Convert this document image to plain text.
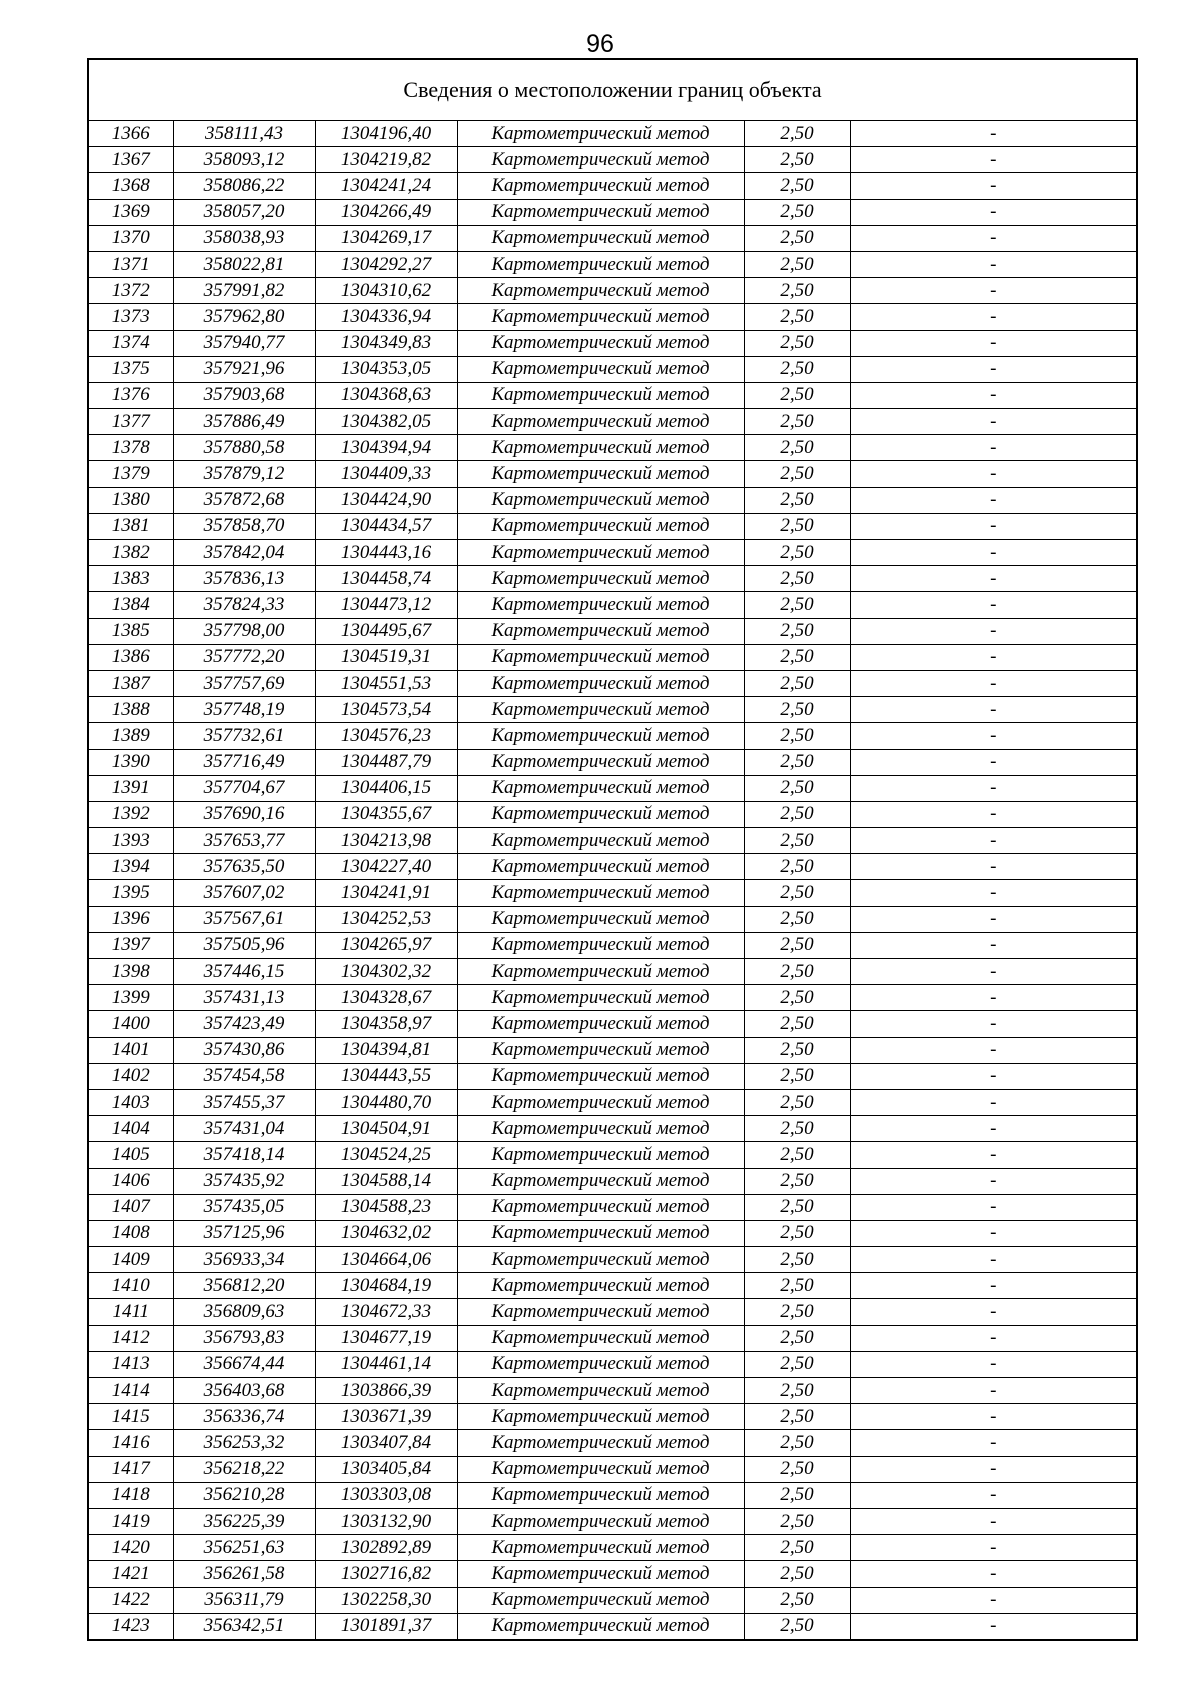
96
Сведения о местоположении границ объекта
1366	358111,43	1304196,40	Картометрический метод	2,50	-
1367	358093,12	1304219,82	Картометрический метод	2,50	-
1368	358086,22	1304241,24	Картометрический метод	2,50	-
1369	358057,20	1304266,49	Картометрический метод	2,50	-
1370	358038,93	1304269,17	Картометрический метод	2,50	-
1371	358022,81	1304292,27	Картометрический метод	2,50	-
1372	357991,82	1304310,62	Картометрический метод	2,50	-
1373	357962,80	1304336,94	Картометрический метод	2,50	-
1374	357940,77	1304349,83	Картометрический метод	2,50	-
1375	357921,96	1304353,05	Картометрический метод	2,50	-
1376	357903,68	1304368,63	Картометрический метод	2,50	-
1377	357886,49	1304382,05	Картометрический метод	2,50	-
1378	357880,58	1304394,94	Картометрический метод	2,50	-
1379	357879,12	1304409,33	Картометрический метод	2,50	-
1380	357872,68	1304424,90	Картометрический метод	2,50	-
1381	357858,70	1304434,57	Картометрический метод	2,50	-
1382	357842,04	1304443,16	Картометрический метод	2,50	-
1383	357836,13	1304458,74	Картометрический метод	2,50	-
1384	357824,33	1304473,12	Картометрический метод	2,50	-
1385	357798,00	1304495,67	Картометрический метод	2,50	-
1386	357772,20	1304519,31	Картометрический метод	2,50	-
1387	357757,69	1304551,53	Картометрический метод	2,50	-
1388	357748,19	1304573,54	Картометрический метод	2,50	-
1389	357732,61	1304576,23	Картометрический метод	2,50	-
1390	357716,49	1304487,79	Картометрический метод	2,50	-
1391	357704,67	1304406,15	Картометрический метод	2,50	-
1392	357690,16	1304355,67	Картометрический метод	2,50	-
1393	357653,77	1304213,98	Картометрический метод	2,50	-
1394	357635,50	1304227,40	Картометрический метод	2,50	-
1395	357607,02	1304241,91	Картометрический метод	2,50	-
1396	357567,61	1304252,53	Картометрический метод	2,50	-
1397	357505,96	1304265,97	Картометрический метод	2,50	-
1398	357446,15	1304302,32	Картометрический метод	2,50	-
1399	357431,13	1304328,67	Картометрический метод	2,50	-
1400	357423,49	1304358,97	Картометрический метод	2,50	-
1401	357430,86	1304394,81	Картометрический метод	2,50	-
1402	357454,58	1304443,55	Картометрический метод	2,50	-
1403	357455,37	1304480,70	Картометрический метод	2,50	-
1404	357431,04	1304504,91	Картометрический метод	2,50	-
1405	357418,14	1304524,25	Картометрический метод	2,50	-
1406	357435,92	1304588,14	Картометрический метод	2,50	-
1407	357435,05	1304588,23	Картометрический метод	2,50	-
1408	357125,96	1304632,02	Картометрический метод	2,50	-
1409	356933,34	1304664,06	Картометрический метод	2,50	-
1410	356812,20	1304684,19	Картометрический метод	2,50	-
1411	356809,63	1304672,33	Картометрический метод	2,50	-
1412	356793,83	1304677,19	Картометрический метод	2,50	-
1413	356674,44	1304461,14	Картометрический метод	2,50	-
1414	356403,68	1303866,39	Картометрический метод	2,50	-
1415	356336,74	1303671,39	Картометрический метод	2,50	-
1416	356253,32	1303407,84	Картометрический метод	2,50	-
1417	356218,22	1303405,84	Картометрический метод	2,50	-
1418	356210,28	1303303,08	Картометрический метод	2,50	-
1419	356225,39	1303132,90	Картометрический метод	2,50	-
1420	356251,63	1302892,89	Картометрический метод	2,50	-
1421	356261,58	1302716,82	Картометрический метод	2,50	-
1422	356311,79	1302258,30	Картометрический метод	2,50	-
1423	356342,51	1301891,37	Картометрический метод	2,50	-
